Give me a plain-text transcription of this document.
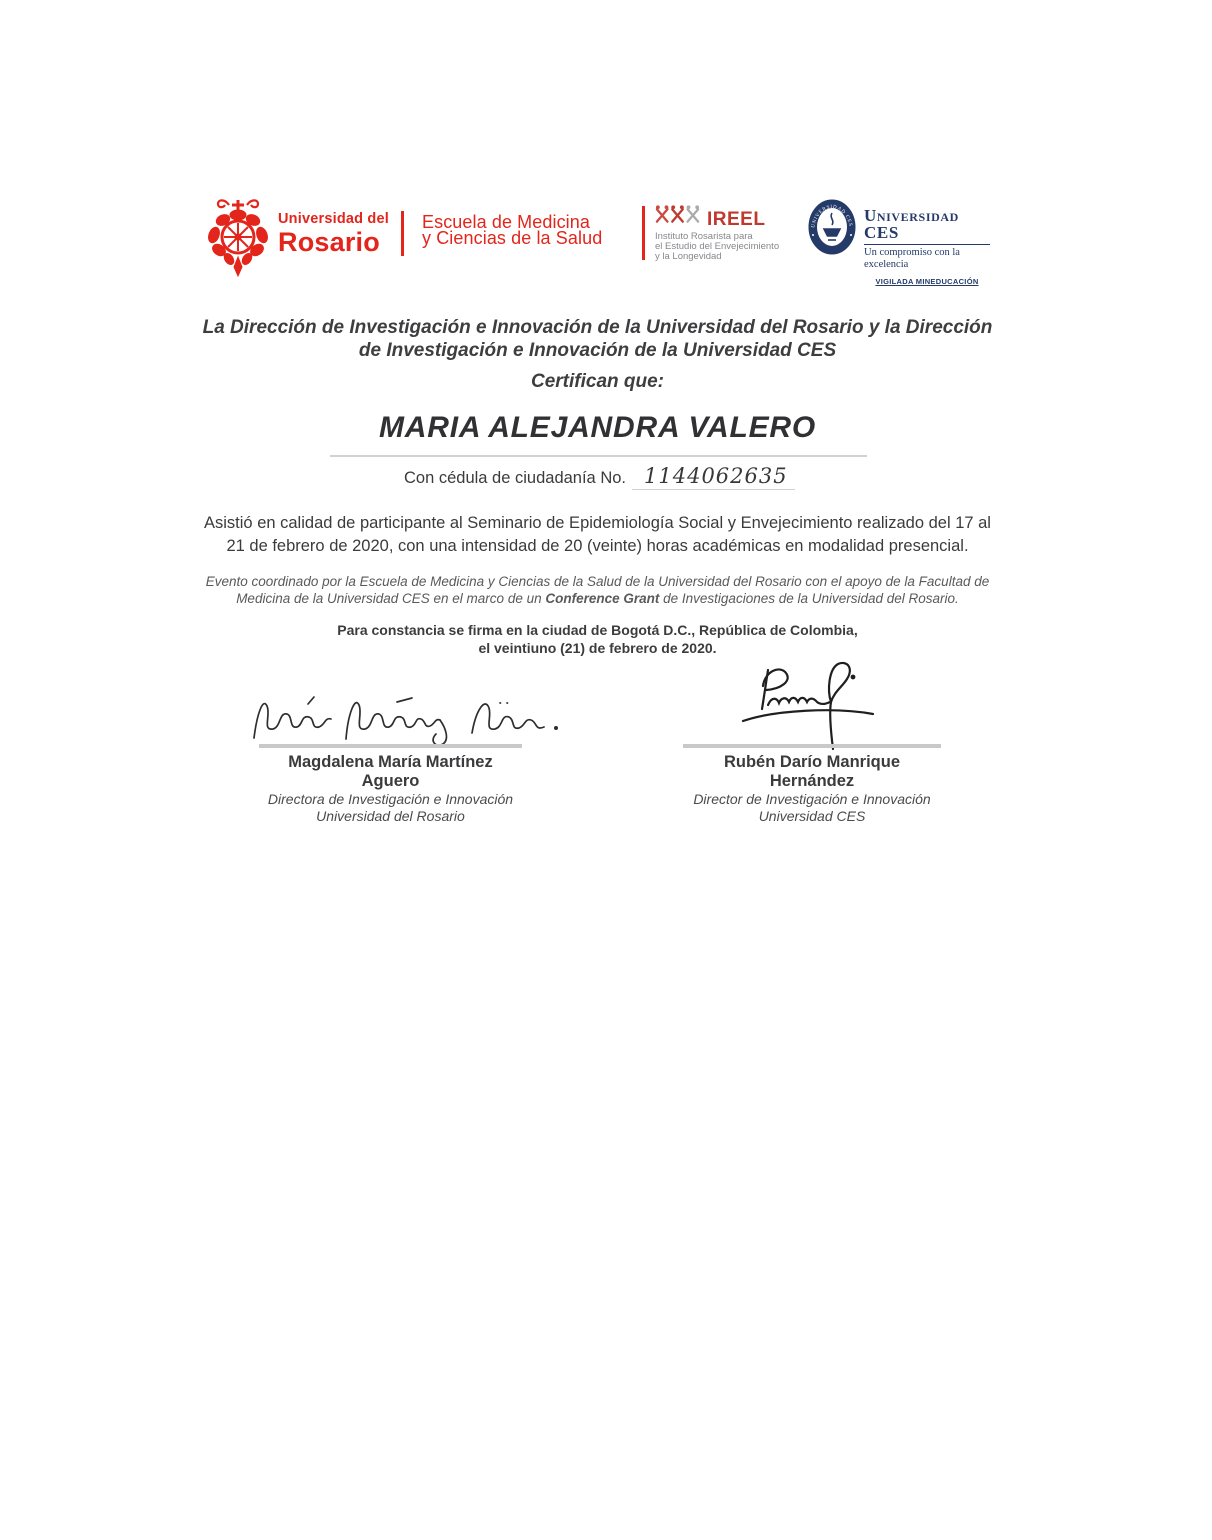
Universidad del
Rosario
Escuela de Medicina
y Ciencias de la Salud
IREEL
Instituto Rosarista para
el Estudio del Envejecimiento
y la Longevidad
UNIVERSIDAD CES
Universidad CES
Un compromiso con la excelencia
VIGILADA MINEDUCACIÓN
La Dirección de Investigación e Innovación de la Universidad del Rosario y la Dirección
de Investigación e Innovación de la Universidad CES
Certifican que:
MARIA ALEJANDRA VALERO
Con cédula de ciudadanía No. 1144062635
Asistió en calidad de participante al Seminario de Epidemiología Social y Envejecimiento realizado del 17 al
21 de febrero de 2020, con una intensidad de 20 (veinte) horas académicas en modalidad presencial.
Evento coordinado por la Escuela de Medicina y Ciencias de la Salud de la Universidad del Rosario con el apoyo de la Facultad de
Medicina de la Universidad CES en el marco de un Conference Grant de Investigaciones de la Universidad del Rosario.
Para constancia se firma en la ciudad de Bogotá D.C., República de Colombia,
el veintiuno (21) de febrero de 2020.
Magdalena María Martínez Aguero
Directora de Investigación e Innovación
Universidad del Rosario
Rubén Darío Manrique Hernández
Director de Investigación e Innovación
Universidad CES
